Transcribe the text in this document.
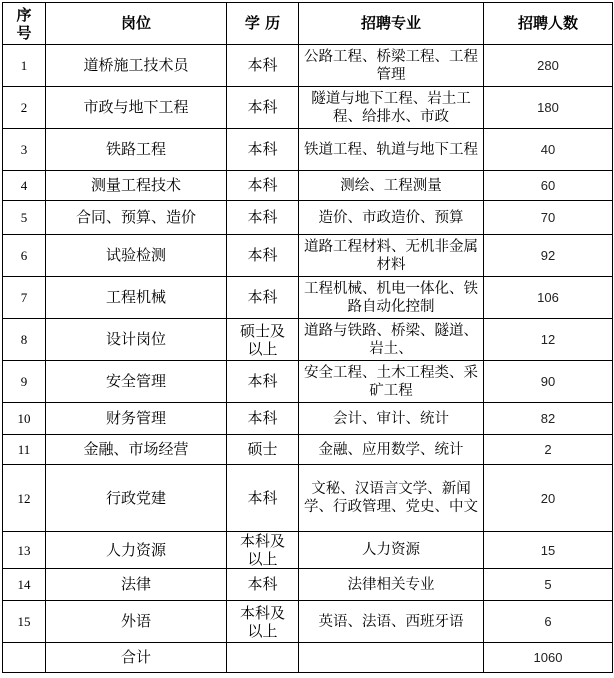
序号	岗位	学 历	招聘专业	招聘人数
1	道桥施工技术员	本科	公路工程、桥梁工程、工程管理	280
2	市政与地下工程	本科	隧道与地下工程、岩土工程、给排水、市政	180
3	铁路工程	本科	铁道工程、轨道与地下工程	40
4	测量工程技术	本科	测绘、工程测量	60
5	合同、预算、造价	本科	造价、市政造价、预算	70
6	试验检测	本科	道路工程材料、无机非金属材料	92
7	工程机械	本科	工程机械、机电一体化、铁路自动化控制	106
8	设计岗位	硕士及以上	道路与铁路、桥梁、隧道、岩土、	12
9	安全管理	本科	安全工程、土木工程类、采矿工程	90
10	财务管理	本科	会计、审计、统计	82
11	金融、市场经营	硕士	金融、应用数学、统计	2
12	行政党建	本科	文秘、汉语言文学、新闻学、行政管理、党史、中文	20
13	人力资源	本科及以上	人力资源	15
14	法律	本科	法律相关专业	5
15	外语	本科及以上	英语、法语、西班牙语	6
	合计			1060
